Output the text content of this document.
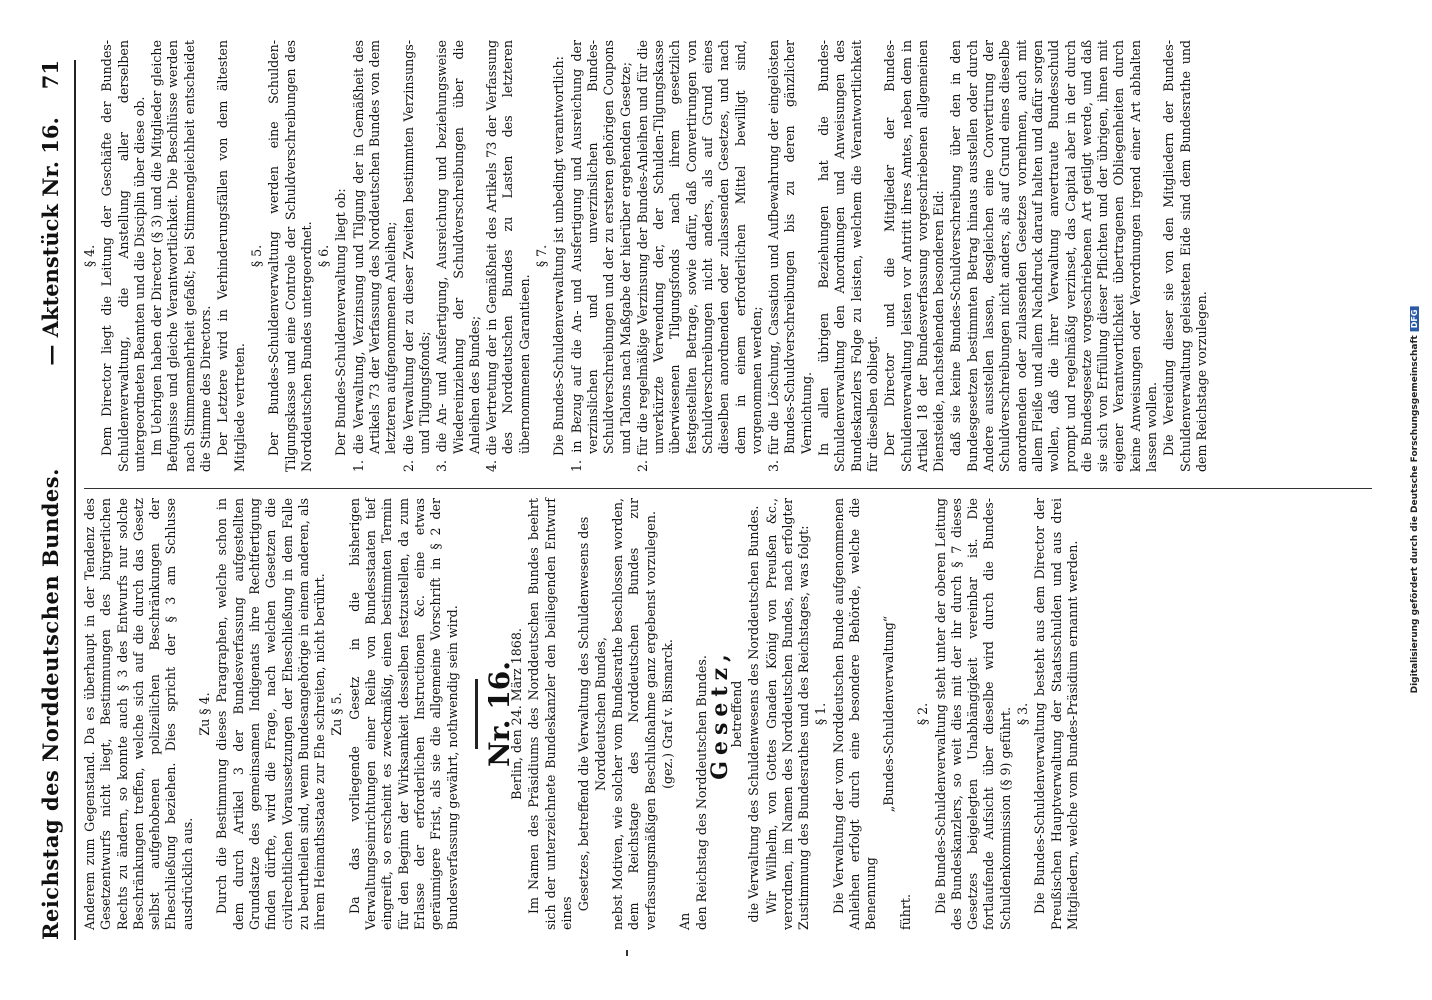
Reichstag des Norddeutschen Bundes.
— Aktenstück Nr. 16.71

Anderem zum Gegenstand. Da es überhaupt in der Tendenz des Gesetzentwurfs nicht liegt, Bestimmungen des bürgerlichen Rechts zu ändern, so konnte auch § 3 des Entwurfs nur solche Beschränkungen treffen, welche sich auf die durch das Gesetz selbst aufgehobenen polizeilichen Beschränkungen der Eheschließung beziehen. Dies spricht der § 3 am Schlusse ausdrücklich aus.

Zu § 4. Durch die Bestimmung dieses Paragraphen, welche schon in dem durch Artikel 3 der Bundesverfassung aufgestellten Grundsatze des gemeinsamen Indigenats ihre Rechtfertigung finden dürfte, wird die Frage, nach welchen Gesetzen die civilrechtlichen Voraussetzungen der Eheschließung in dem Falle zu beurtheilen sind, wenn Bundesangehörige in einem anderen, als ihrem Heimathsstaate zur Ehe schreiten, nicht berührt. Zu § 5. Da das vorliegende Gesetz in die bisherigen Verwaltungseinrichtungen einer Reihe von Bundesstaaten tief eingreift, so erscheint es zweckmäßig, einen bestimmten Termin für den Beginn der Wirksamkeit desselben festzustellen, da zum Erlasse der erforderlichen Instructionen &c. eine etwas geräumigere Frist, als sie die allgemeine Vorschrift in § 2 der Bundesverfassung gewährt, nothwendig sein wird. Nr. 16.

Berlin, den 24. März 1868. Im Namen des Präsidiums des Norddeutschen Bundes beehrt sich der unterzeichnete Bundeskanzler den beiliegenden Entwurf eines

Gesetzes, betreffend die Verwaltung des Schuldenwesens des Norddeutschen Bundes, nebst Motiven, wie solcher vom Bundesrathe beschlossen worden, dem Reichstage des Norddeutschen Bundes zur verfassungsmäßigen Beschlußnahme ganz ergebenst vorzulegen. (gez.) Graf v. Bismarck.

An den Reichstag des Norddeutschen Bundes.

Gesetz,

betreffend die Verwaltung des Schuldenwesens des Norddeutschen Bundes. Wir Wilhelm, von Gottes Gnaden König von Preußen &c., verordnen, im Namen des Norddeutschen Bundes, nach erfolgter Zustimmung des Bundesrathes und des Reichstages, was folgt: § 1. Die Verwaltung der vom Norddeutschen Bunde aufgenommenen Anleihen erfolgt durch eine besondere Behörde, welche die Benennung

„Bundes-Schuldenverwaltung“

führt.

§ 2. Die Bundes-Schuldenverwaltung steht unter der oberen Leitung des Bundeskanzlers, so weit dies mit der ihr durch § 7 dieses Gesetzes beigelegten Unabhängigkeit vereinbar ist. Die fortlaufende Aufsicht über dieselbe wird durch die Bundes-Schuldenkommission (§ 9) geführt. § 3. Die Bundes-Schuldenverwaltung besteht aus dem Director der Preußischen Hauptverwaltung der Staatsschulden und aus drei Mitgliedern, welche vom Bundes-Präsidium ernannt werden.

§ 4. Dem Director liegt die Leitung der Geschäfte der Bundes-Schuldenverwaltung, die Anstellung aller derselben untergeordneten Beamten und die Disciplin über diese ob. Im Uebrigen haben der Director (§ 3) und die Mitglieder gleiche Befugnisse und gleiche Verantwortlichkeit. Die Beschlüsse werden nach Stimmenmehrheit gefaßt; bei Stimmengleichheit entscheidet die Stimme des Directors. Der Letztere wird in Verhinderungsfällen von dem ältesten Mitgliede vertreten.

§ 5. Der Bundes-Schuldenverwaltung werden eine Schulden-Tilgungskasse und eine Controle der Schuldverschreibungen des Norddeutschen Bundes untergeordnet. § 6. Der Bundes-Schuldenverwaltung liegt ob: 1. die Verwaltung, Verzinsung und Tilgung der in Gemäßheit des Artikels 73 der Verfassung des Norddeutschen Bundes von dem letzteren aufgenommenen Anleihen; 2. die Verwaltung der zu dieser Zweiten bestimmten Verzinsungs- und Tilgungsfonds; 3. die An- und Ausfertigung, Ausreichung und beziehungsweise Wiedereinziehung der Schuldverschreibungen über die Anleihen des Bundes; 4. die Vertretung der in Gemäßheit des Artikels 73 der Verfassung des Norddeutschen Bundes zu Lasten des letzteren übernommenen Garantieen.

§ 7. Die Bundes-Schuldenverwaltung ist unbedingt verantwortlich: 1. in Bezug auf die An- und Ausfertigung und Ausreichung der verzinslichen und unverzinslichen Bundes-Schuldverschreibungen und der zu ersteren gehörigen Coupons und Talons nach Maßgabe der hierüber ergehenden Gesetze; 2. für die regelmäßige Verzinsung der Bundes-Anleihen und für die unverkürzte Verwendung der, der Schulden-Tilgungskasse überwiesenen Tilgungsfonds nach ihrem gesetzlich festgestellten Betrage, sowie dafür, daß Convertirungen von Schuldverschreibungen nicht anders, als auf Grund eines dieselben anordnenden oder zulassenden Gesetzes, und nach dem in einem erforderlichen Mittel bewilligt sind, vorgenommen werden; 3. für die Löschung, Cassation und Aufbewahrung der eingelösten Bundes-Schuldverschreibungen bis zu deren gänzlicher Vernichtung. In allen übrigen Beziehungen hat die Bundes-Schuldenverwaltung den Anordnungen und Anweisungen des Bundeskanzlers Folge zu leisten, welchem die Verantwortlichkeit für dieselben obliegt. Der Director und die Mitglieder der Bundes-Schuldenverwaltung leisten vor Antritt ihres Amtes, neben dem in Artikel 18 der Bundesverfassung vorgeschriebenen allgemeinen Diensteide, nachstehenden besonderen Eid: daß sie keine Bundes-Schuldverschreibung über den in den Bundesgesetzen bestimmten Betrag hinaus ausstellen oder durch Andere ausstellen lassen, desgleichen eine Convertirung der Schuldverschreibungen nicht anders, als auf Grund eines dieselbe anordnenden oder zulassenden Gesetzes vornehmen, auch mit allem Fleiße und allem Nachdruck darauf halten und dafür sorgen wollen, daß die ihrer Verwaltung anvertraute Bundesschuld prompt und regelmäßig verzinset, das Capital aber in der durch die Bundesgesetze vorgeschriebenen Art getilgt werde, und daß sie sich von Erfüllung dieser Pflichten und der übrigen, ihnen mit eigener Verantwortlichkeit übertragenen Obliegenheiten durch keine Anweisungen oder Verordnungen irgend einer Art abhalten lassen wollen. Die Vereidung dieser sie von den Mitgliedern der Bundes-Schuldenverwaltung geleisteten Eide sind dem Bundesrathe und dem Reichstage vorzulegen.	Digitalisierung gefördert durch die Deutsche ForschungsgemeinschaftDFG
